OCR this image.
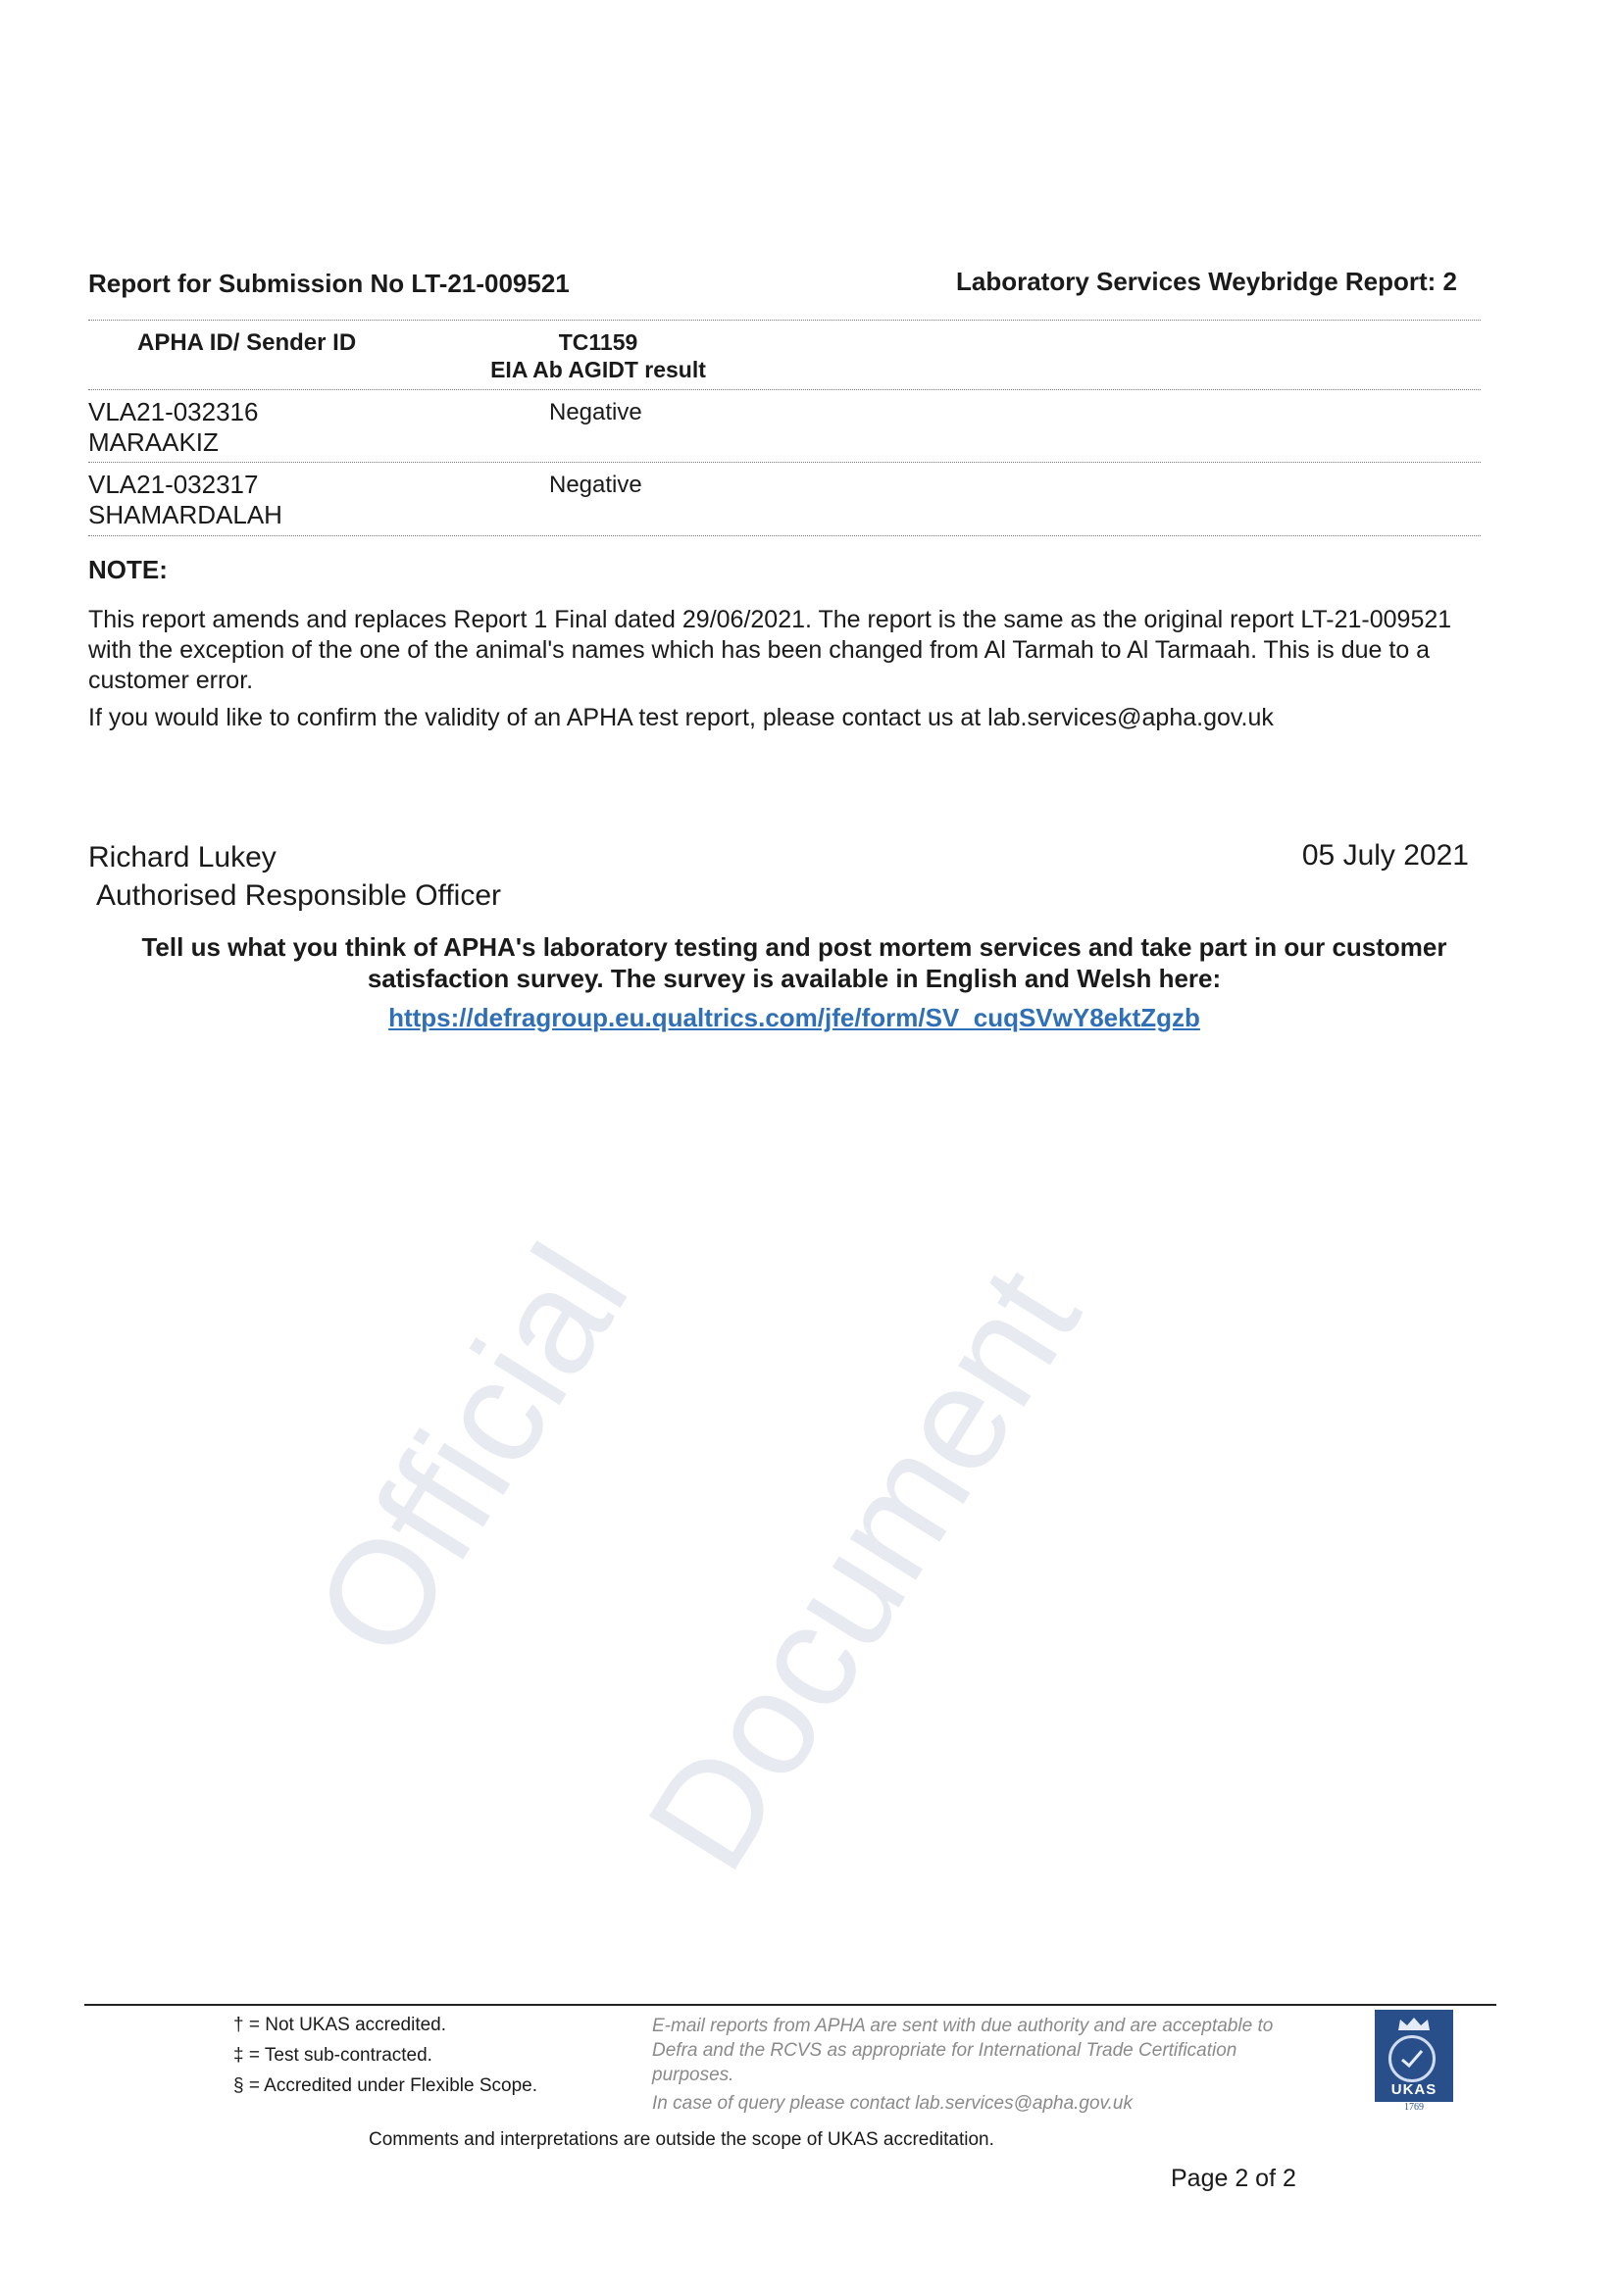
Official
Document
Report for Submission No LT-21-009521	Laboratory Services Weybridge Report: 2
APHA ID/ Sender ID	TC1159
EIA Ab AGIDT result
VLA21-032316
MARAAKIZ
Negative
VLA21-032317
SHAMARDALAH
Negative
NOTE:
This report amends and replaces Report 1 Final dated 29/06/2021. The report is the same as the original report LT-21-009521 with the exception of the one of the animal's names which has been changed from Al Tarmah to Al Tarmaah. This is due to a customer error.
If you would like to confirm the validity of an APHA test report, please contact us at lab.services@apha.gov.uk
Richard Lukey
Authorised Responsible Officer
05 July 2021
Tell us what you think of APHA's laboratory testing and post mortem services and take part in our customer satisfaction survey. The survey is available in English and Welsh here:
https://defragroup.eu.qualtrics.com/jfe/form/SV_cuqSVwY8ektZgzb
† = Not UKAS accredited.
‡ = Test sub-contracted.
§ = Accredited under Flexible Scope.
E-mail reports from APHA are sent with due authority and are acceptable to Defra and the RCVS as appropriate for International Trade Certification purposes.
In case of query please contact lab.services@apha.gov.uk
Comments and interpretations are outside the scope of UKAS accreditation.
Page 2 of 2
UKAS
1769
